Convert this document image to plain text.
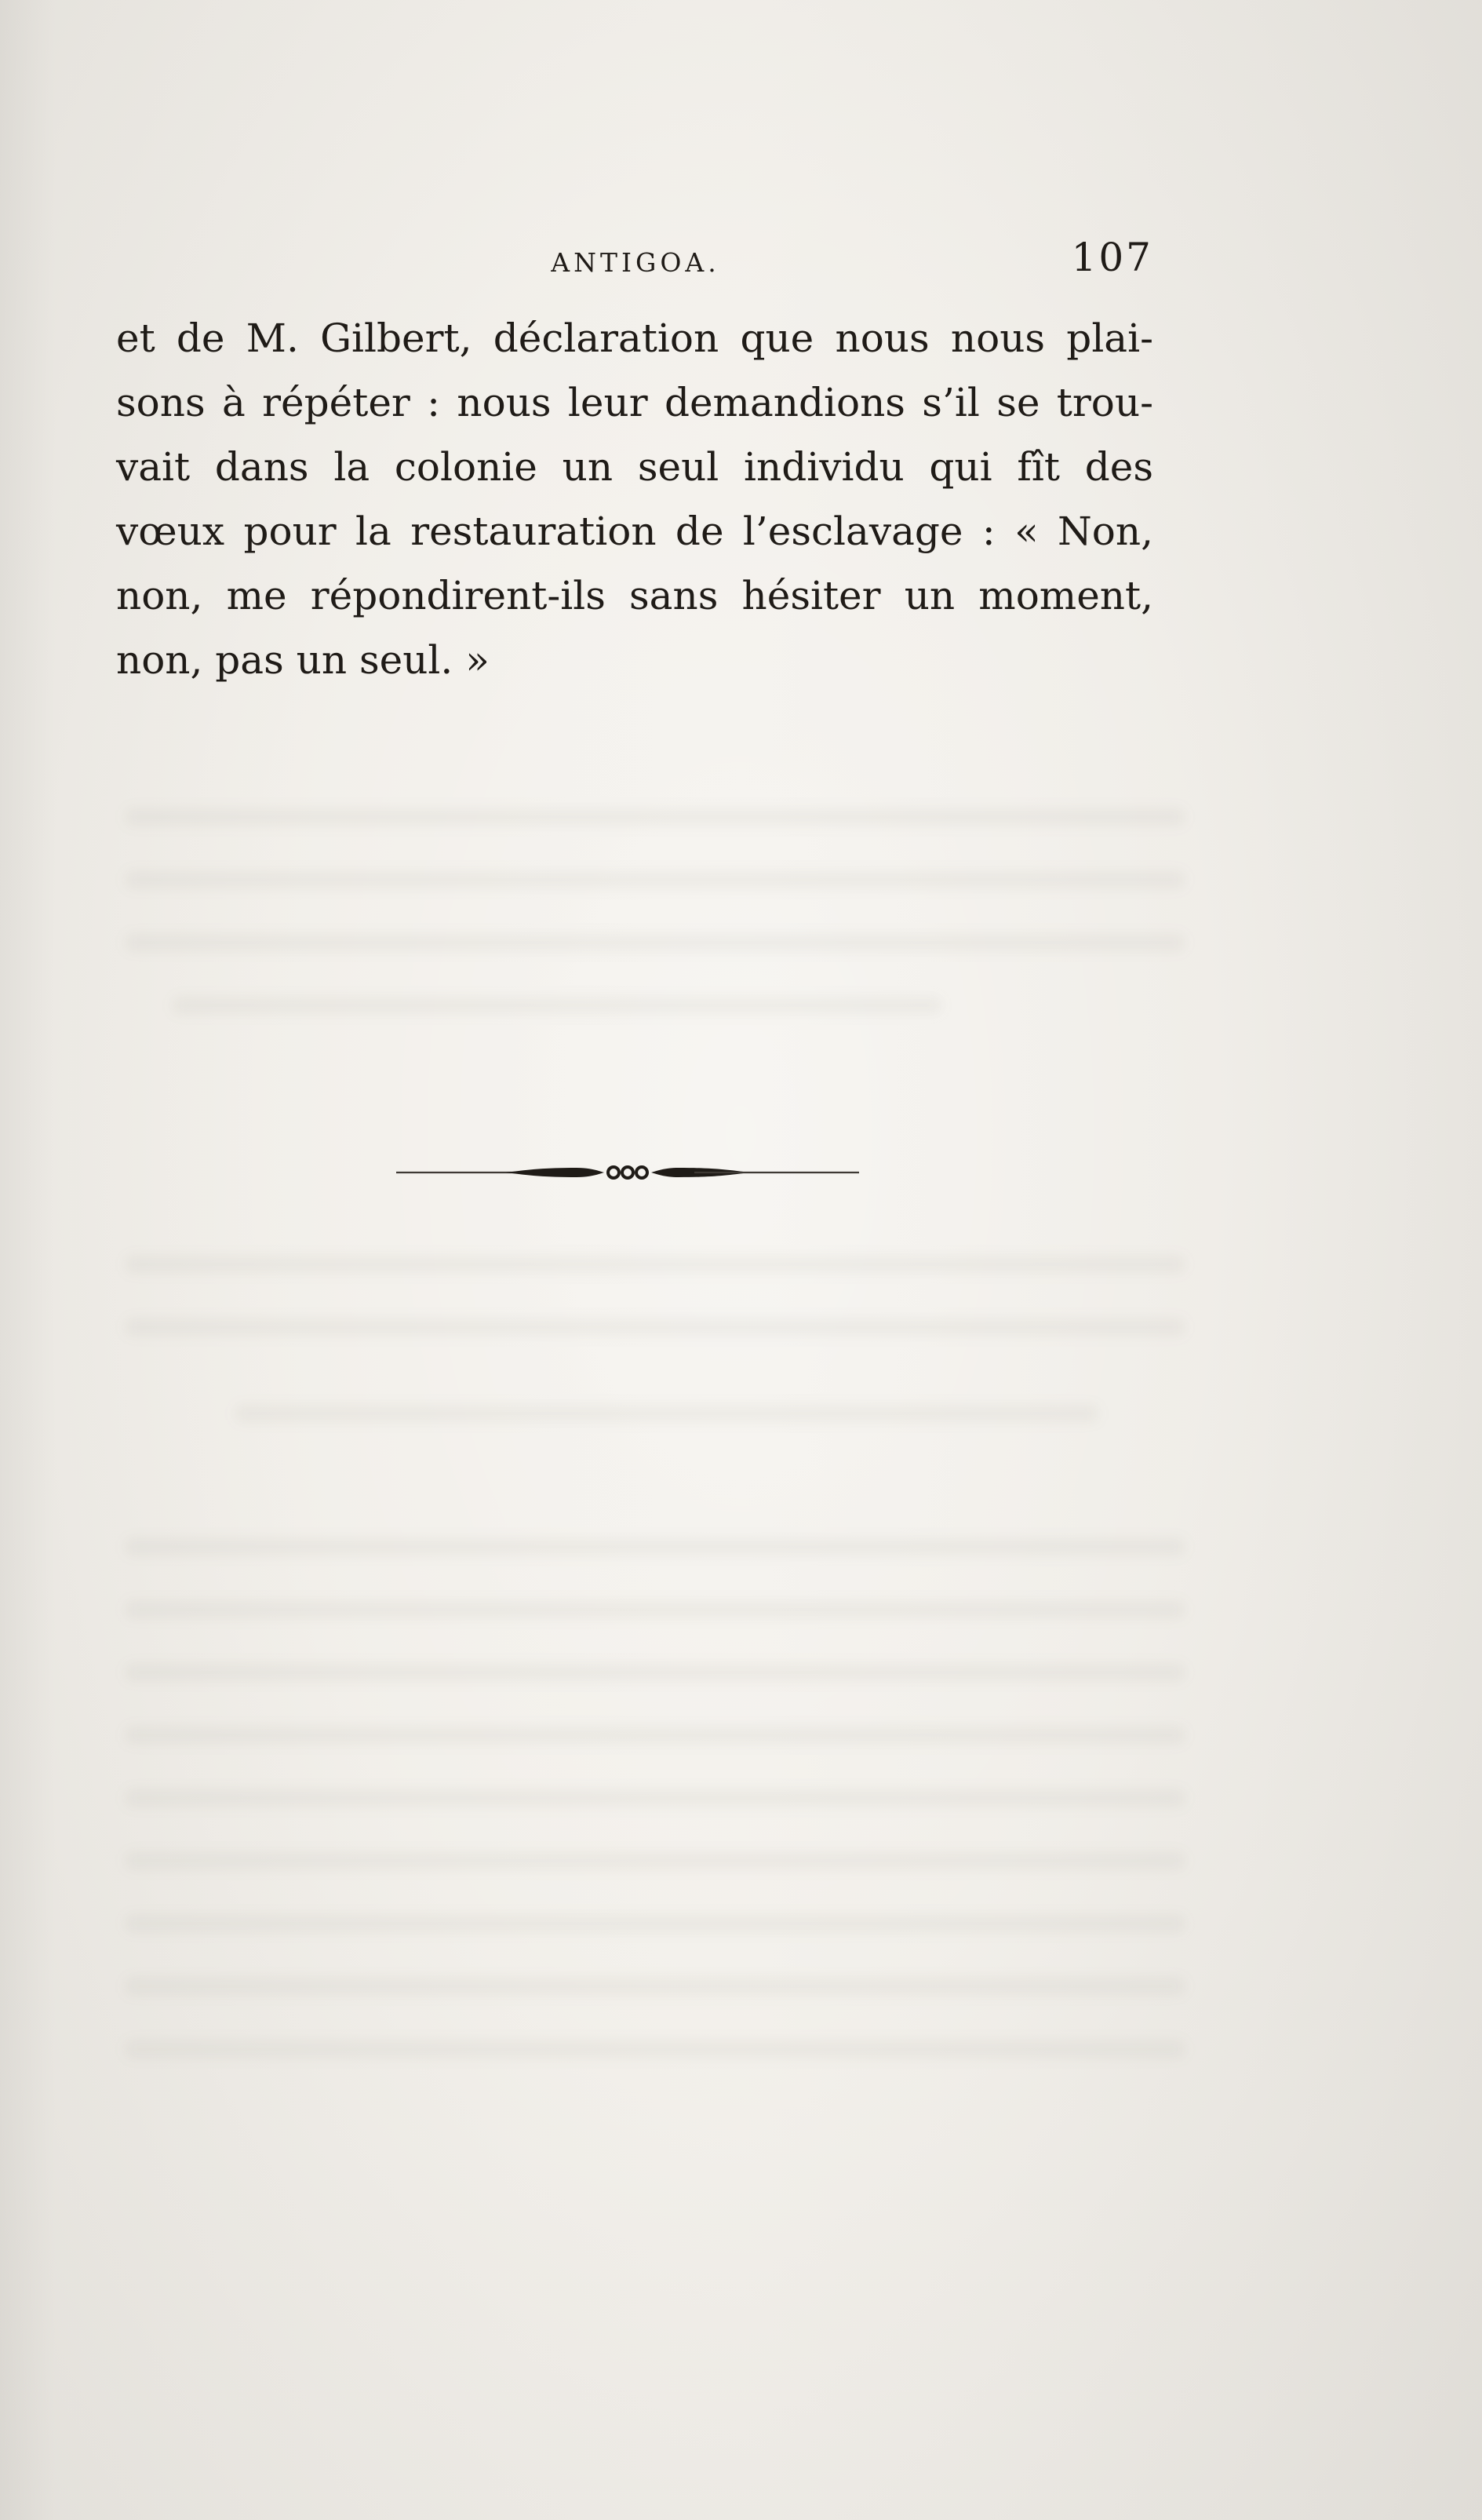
ANTIGOA.	107
et de M. Gilbert, déclaration que nous nous plai-
sons à répéter : nous leur demandions s’il se trou-
vait dans la colonie un seul individu qui fît des
vœux pour la restauration de l’esclavage : « Non,
non, me répondirent-ils sans hésiter un moment,
non, pas un seul. »
